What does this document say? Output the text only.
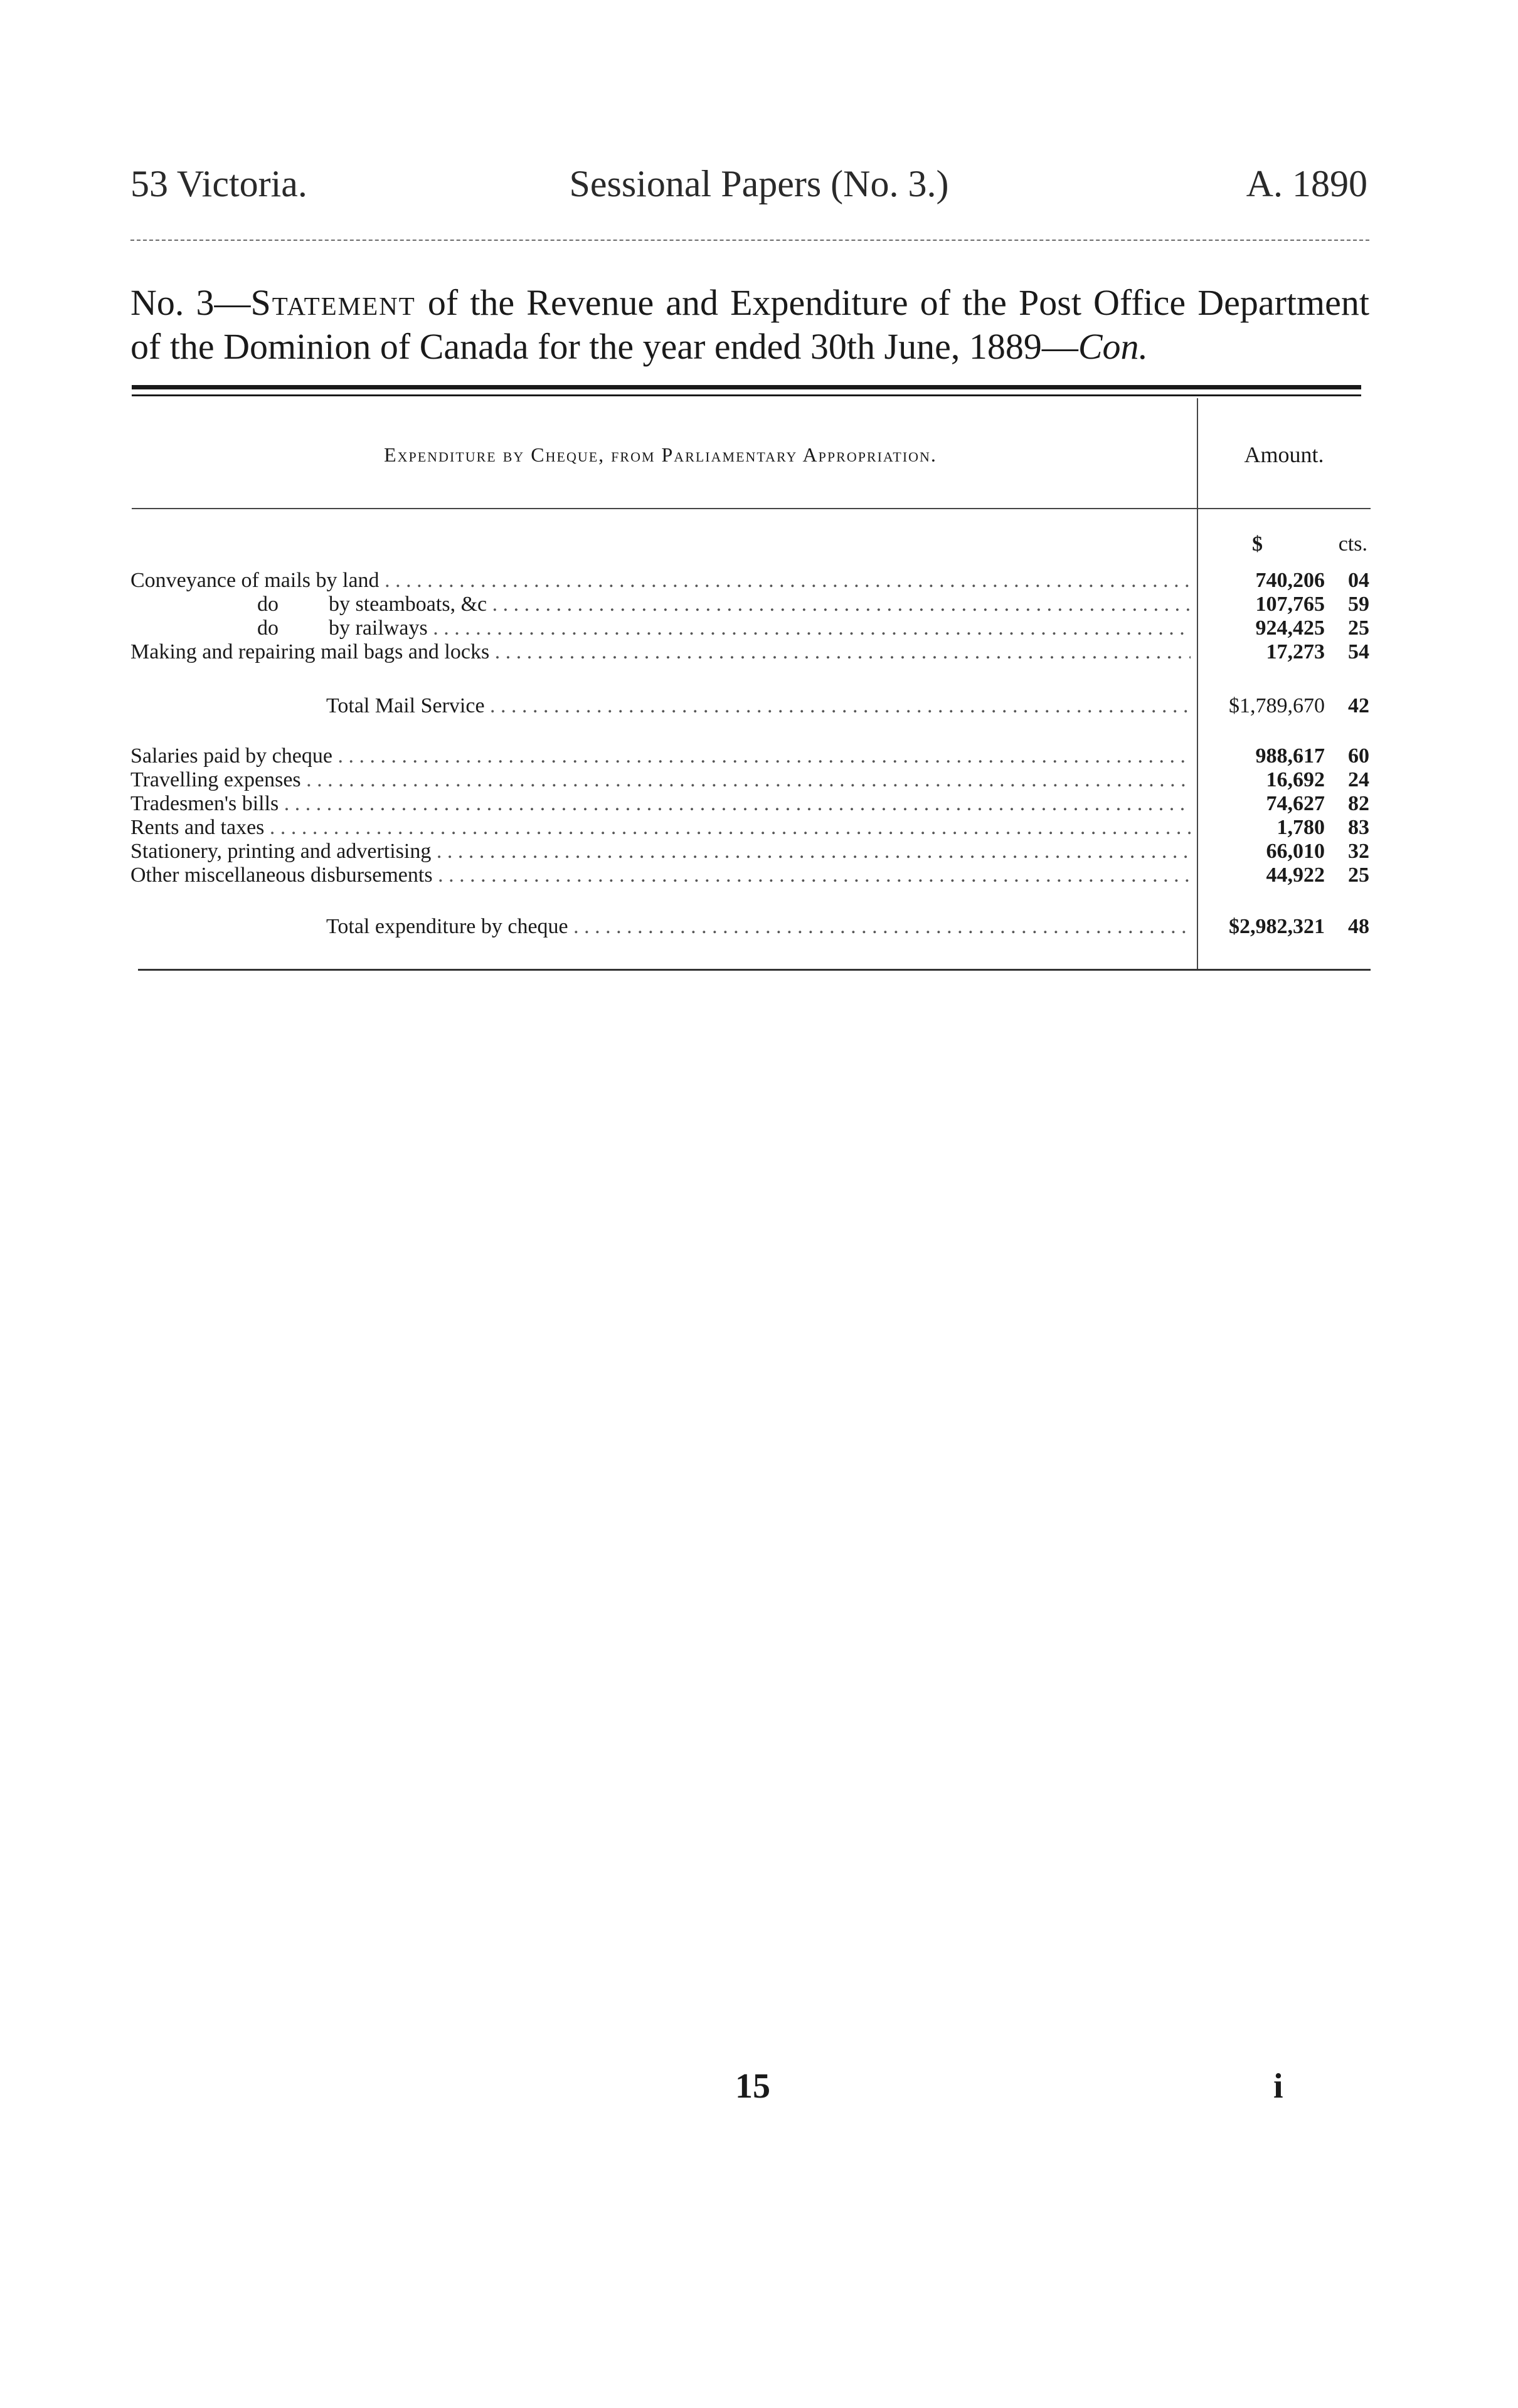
53 Victoria.	Sessional Papers (No. 3.)	A. 1890
No. 3—Statement of the Revenue and Expenditure of the Post Office Department of the Dominion of Canada for the year ended 30th June, 1889—Con.
Expenditure by Cheque, from Parliamentary Appropriation.	Amount.
$	cts.
Conveyance of mails by land . . .	740,206	04
do by steamboats, &c . . .	107,765	59
do by railways . . .	924,425	25
Making and repairing mail bags and locks . . .	17,273	54
Total Mail Service . . .	$1,789,670	42
Salaries paid by cheque . . .	988,617	60
Travelling expenses . . .	16,692	24
Tradesmen's bills . . .	74,627	82
Rents and taxes . . .	1,780	83
Stationery, printing and advertising . . .	66,010	32
Other miscellaneous disbursements . . .	44,922	25
Total expenditure by cheque . . .	$2,982,321	48
15	i
